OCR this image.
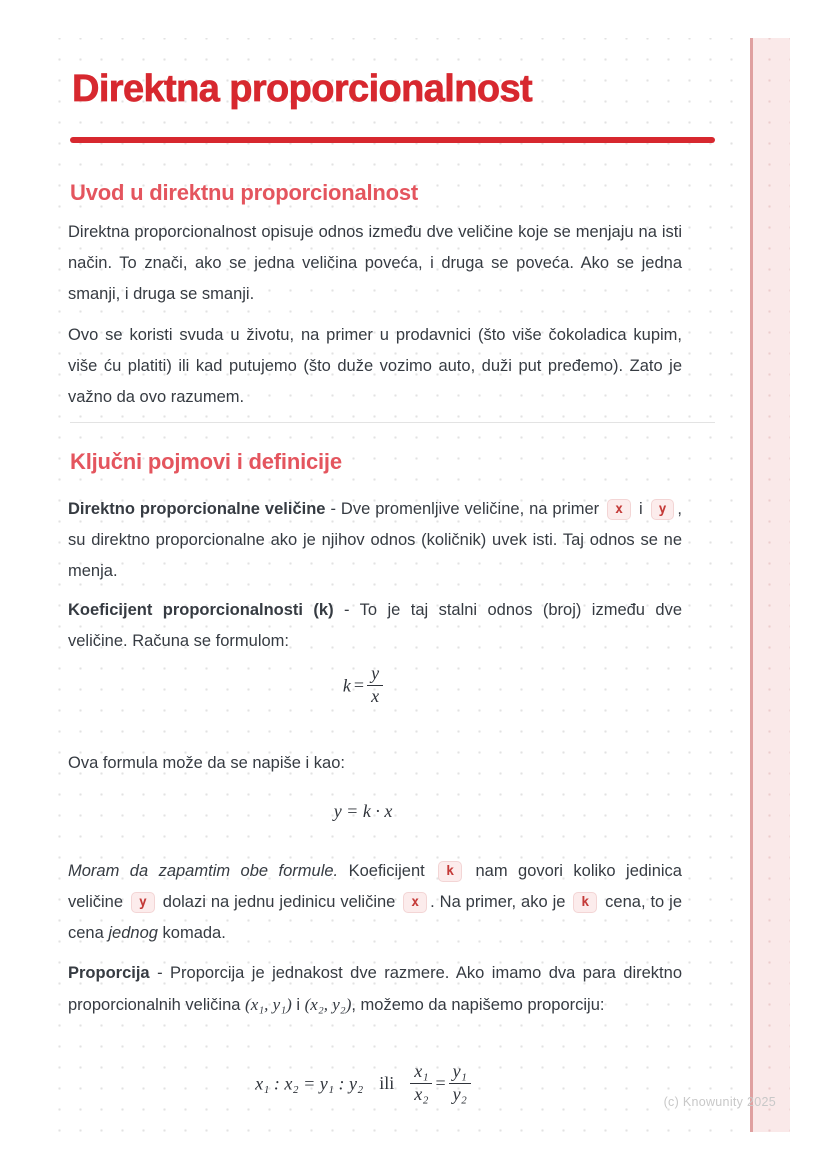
Direktna proporcionalnost
Uvod u direktnu proporcionalnost
Direktna proporcionalnost opisuje odnos između dve veličine koje se menjaju na isti način. To znači, ako se jedna veličina poveća, i druga se poveća. Ako se jedna smanji, i druga se smanji.
Ovo se koristi svuda u životu, na primer u prodavnici (što više čokoladica kupim, više ću platiti) ili kad putujemo (što duže vozimo auto, duži put pređemo). Zato je važno da ovo razumem.
Ključni pojmovi i definicije
Direktno proporcionalne veličine - Dve promenljive veličine, na primer x i y , su direktno proporcionalne ako je njihov odnos (količnik) uvek isti. Taj odnos se ne menja.
Koeficijent proporcionalnosti (k) - To je taj stalni odnos (broj) između dve veličine. Računa se formulom:
$k = \frac{y}{x}$
Ova formula može da se napiše i kao:
y = k · x
Moram da zapamtim obe formule. Koeficijent k nam govori koliko jedinica veličine y dolazi na jednu jedinicu veličine x . Na primer, ako je k cena, to je cena jednog komada.
Proporcija - Proporcija je jednakost dve razmere. Ako imamo dva para direktno proporcionalnih veličina (x₁, y₁) i (x₂, y₂), možemo da napišemo proporciju:
x₁ : x₂ = y₁ : y₂ ili $\frac{\text{x₁}}{\text{x₂}} = \frac{\text{y₁}}{\text{y₂}}$	(c) Knowunity 2025
